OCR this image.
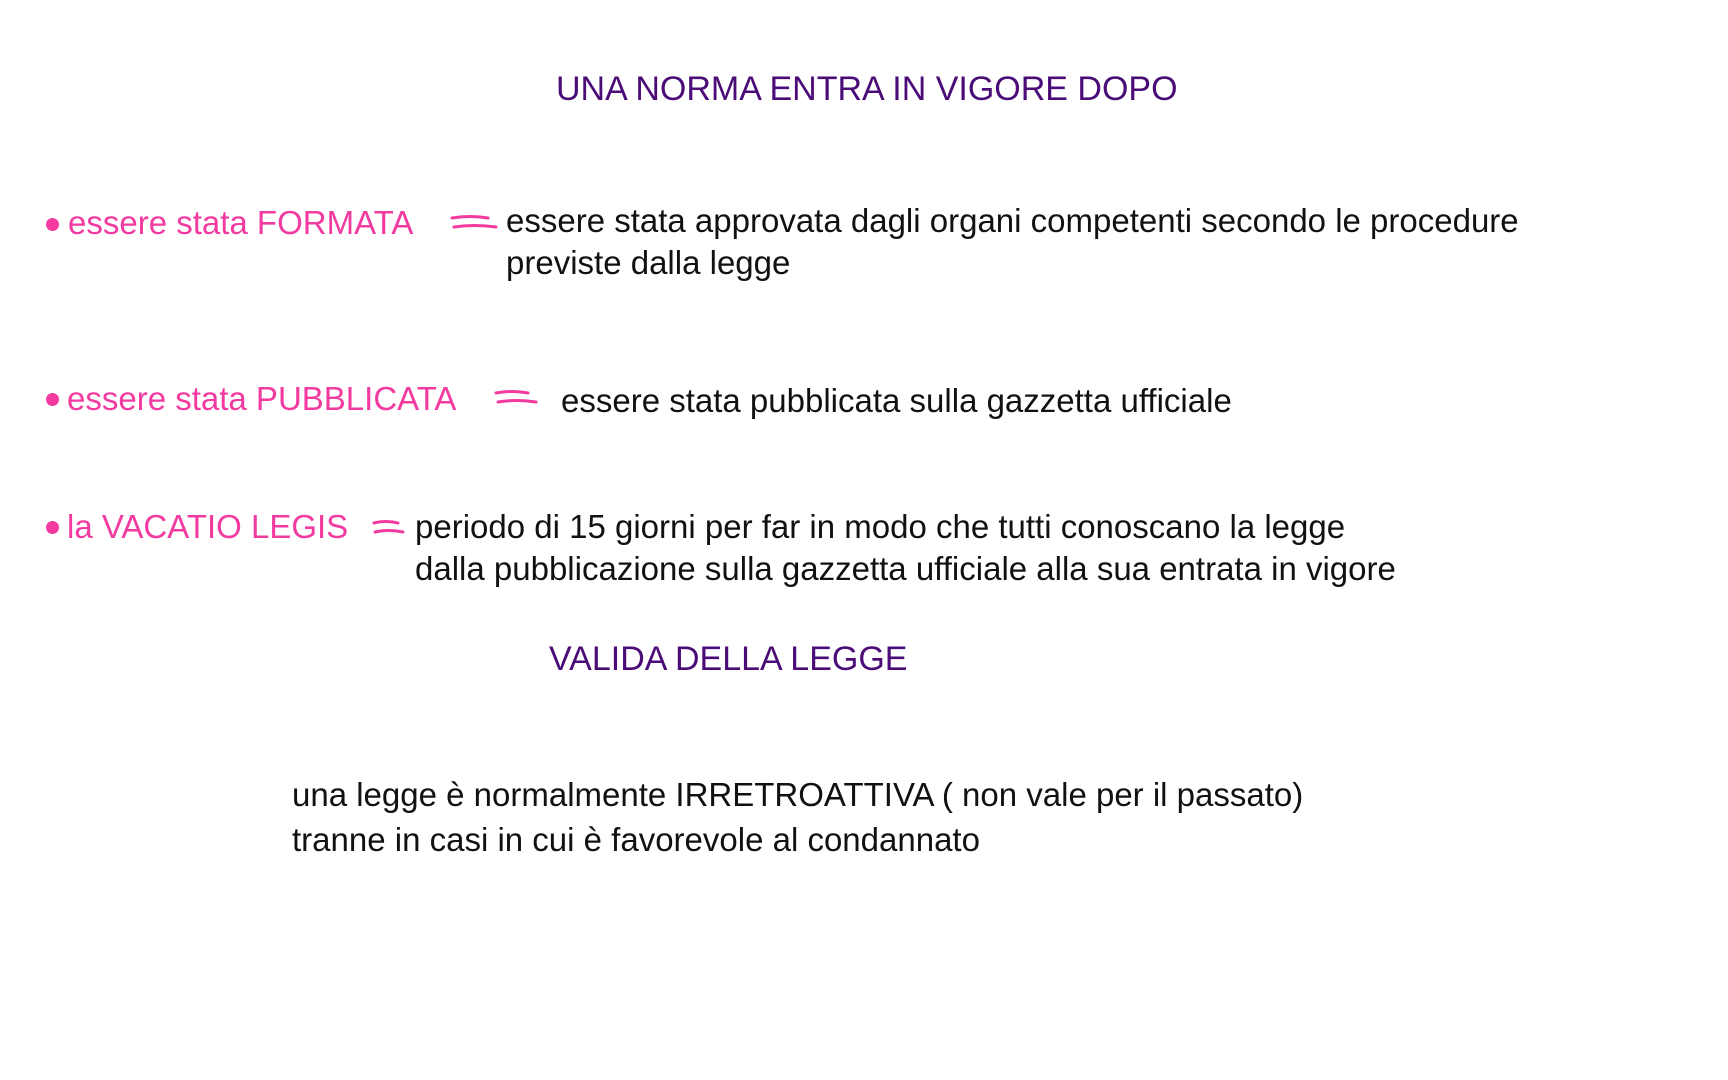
UNA NORMA ENTRA IN VIGORE DOPO
essere stata FORMATA	essere stata approvata dagli organi competenti secondo le procedure
previste dalla legge
essere stata PUBBLICATA	essere stata pubblicata sulla gazzetta ufficiale
la VACATIO LEGIS periodo di 15 giorni per far in modo che tutti conoscano la legge
dalla pubblicazione sulla gazzetta ufficiale alla sua entrata in vigore
VALIDA DELLA LEGGE
una legge è normalmente IRRETROATTIVA ( non vale per il passato)
tranne in casi in cui è favorevole al condannato
